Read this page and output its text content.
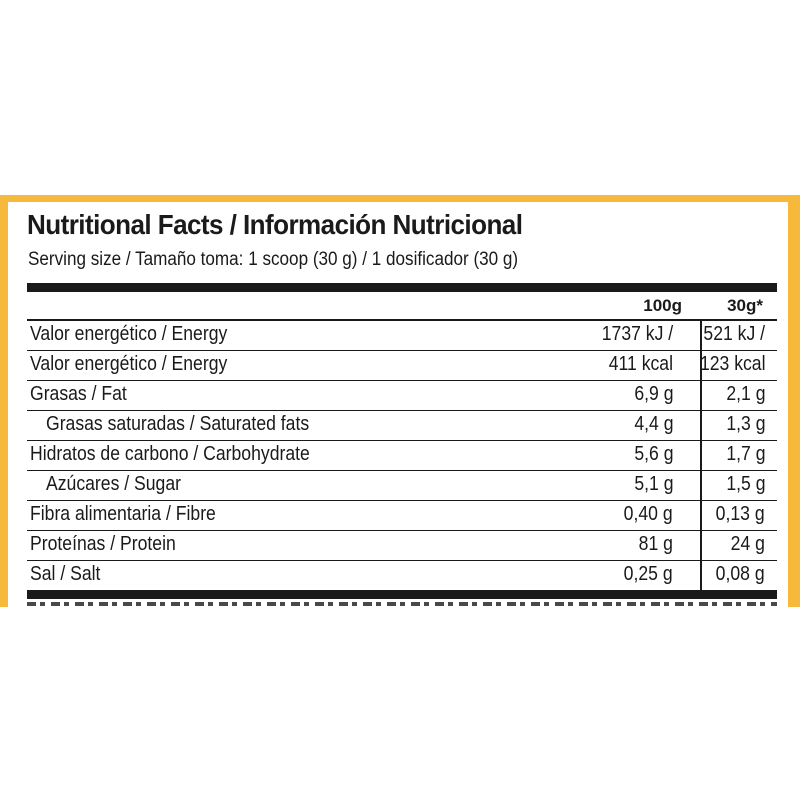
Nutritional Facts / Información Nutricional
Serving size / Tamaño toma: 1 scoop (30 g) / 1 dosificador (30 g)
100g	30g*
Valor energético / Energy	1737 kJ / 521 kJ /
Valor energético / Energy	411 kcal 123 kcal
Grasas / Fat	6,9 g	2,1 g
Grasas saturadas / Saturated fats	4,4 g	1,3 g
Hidratos de carbono / Carbohydrate	5,6 g	1,7 g
Azúcares / Sugar	5,1 g	1,5 g
Fibra alimentaria / Fibre	0,40 g 0,13 g
Proteínas / Protein	81 g	24 g
Sal / Salt	0,25 g 0,08 g
